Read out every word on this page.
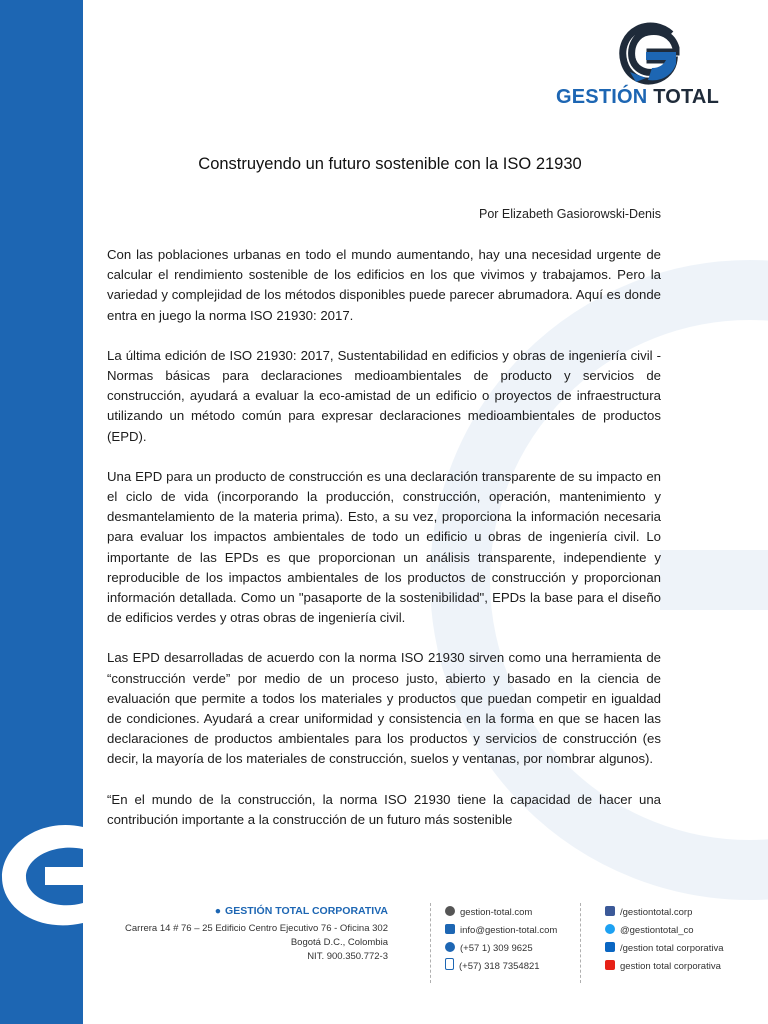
GESTIÓN TOTAL
Construyendo un futuro sostenible con la ISO 21930
Por Elizabeth Gasiorowski-Denis

Con las poblaciones urbanas en todo el mundo aumentando, hay una necesidad urgente de calcular el rendimiento sostenible de los edificios en los que vivimos y trabajamos. Pero la variedad y complejidad de los métodos disponibles puede parecer abrumadora. Aquí es donde entra en juego la norma ISO 21930: 2017.

La última edición de ISO 21930: 2017, Sustentabilidad en edificios y obras de ingeniería civil - Normas básicas para declaraciones medioambientales de producto y servicios de construcción, ayudará a evaluar la eco-amistad de un edificio o proyectos de infraestructura utilizando un método común para expresar declaraciones medioambientales de productos (EPD).

Una EPD para un producto de construcción es una declaración transparente de su impacto en el ciclo de vida (incorporando la producción, construcción, operación, mantenimiento y desmantelamiento de la materia prima). Esto, a su vez, proporciona la información necesaria para evaluar los impactos ambientales de todo un edificio u obras de ingeniería civil. Lo importante de las EPDs es que proporcionan un análisis transparente, independiente y reproducible de los impactos ambientales de los productos de construcción y proporcionan información detallada. Como un "pasaporte de la sostenibilidad", EPDs la base para el diseño de edificios verdes y otras obras de ingeniería civil.

Las EPD desarrolladas de acuerdo con la norma ISO 21930 sirven como una herramienta de “construcción verde” por medio de un proceso justo, abierto y basado en la ciencia de evaluación que permite a todos los materiales y productos que puedan competir en igualdad de condiciones. Ayudará a crear uniformidad y consistencia en la forma en que se hacen las declaraciones de productos ambientales para los productos y servicios de construcción (es decir, la mayoría de los materiales de construcción, suelos y ventanas, por nombrar algunos).

“En el mundo de la construcción, la norma ISO 21930 tiene la capacidad de hacer una contribución importante a la construcción de un futuro más sostenible

● GESTIÓN TOTAL CORPORATIVA
Carrera 14 # 76 – 25 Edificio Centro Ejecutivo 76 - Oficina 302
Bogotá D.C., Colombia
NIT. 900.350.772-3
gestion-total.com
info@gestion-total.com
(+57 1) 309 9625
(+57) 318 7354821
/gestiontotal.corp
@gestiontotal_co
/gestion total corporativa
gestion total corporativa
